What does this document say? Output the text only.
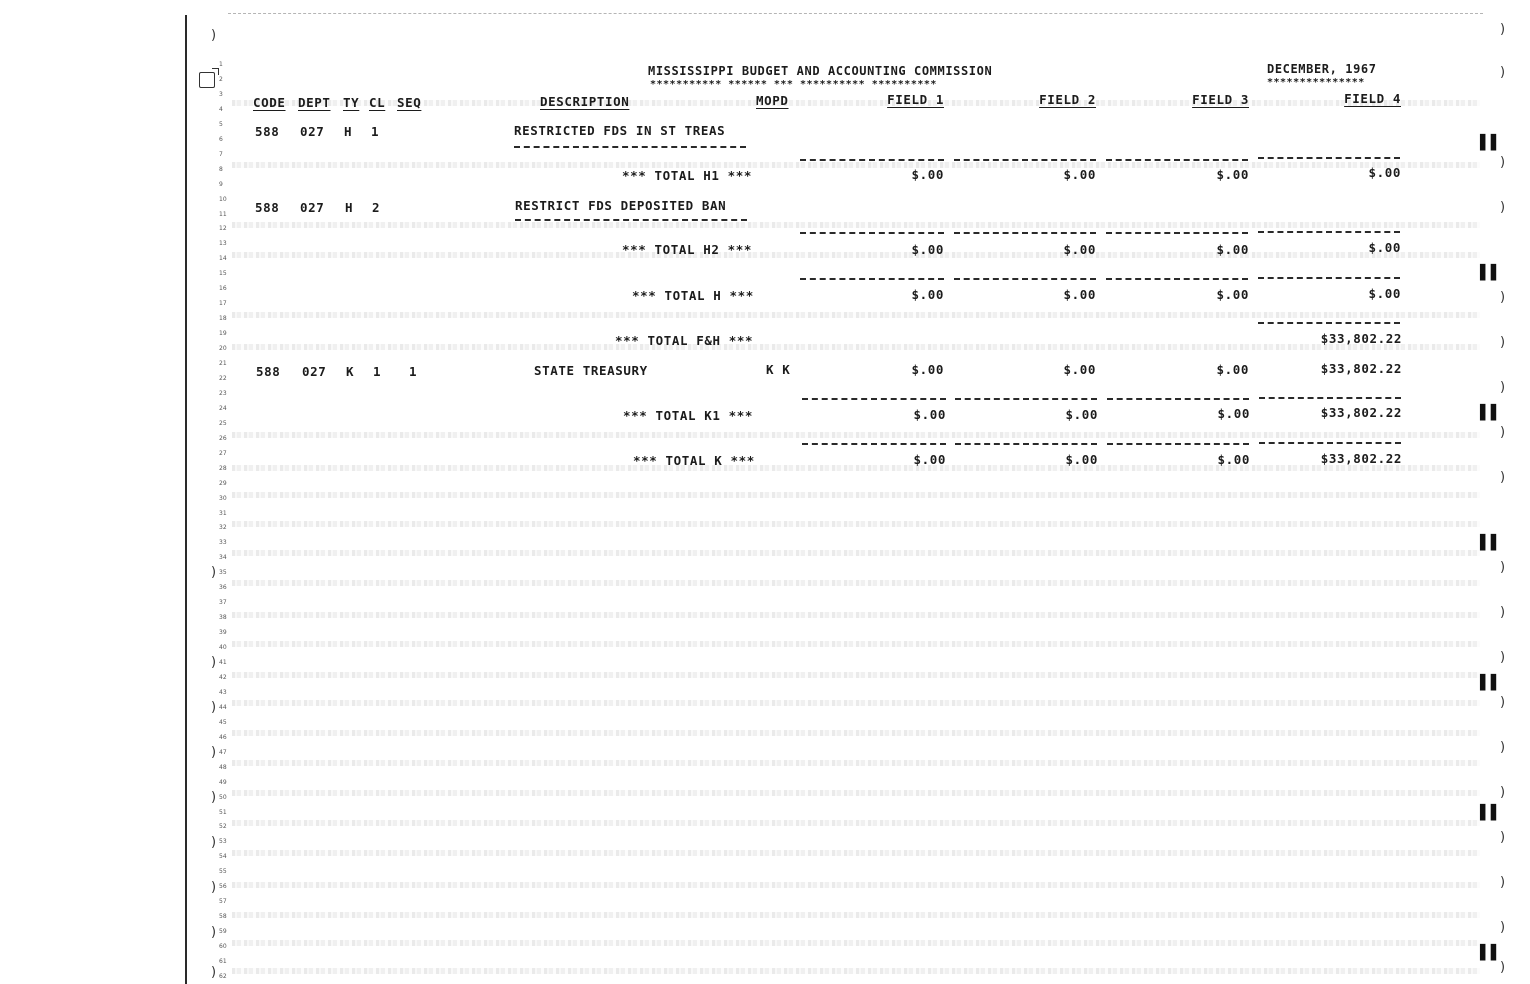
1
2
3
4
5
6
7
8
9
10
11
12
13
14
15
16
17
18
19
20
21
22
23
24
25
26
27
28
29
30
31
32
33
34
35
36
37
38
39
40
41
42
43
44
45
46
47
48
49
50
51
52
53
54
55
56
57
58
59
60
61
62
)
)
)
)
)
)
)
)
)
)
)
)
)
)
)
)
)
)
)
)
)
)
)
)
)
)
)
)
)
▌▌
▌▌
▌▌
▌▌
▌▌
▌▌
▌▌
MISSISSIPPI BUDGET AND ACCOUNTING COMMISSION
*********** ****** *** ********** **********
DECEMBER, 1967
***************
CODE DEPT TY CL SEQ	DESCRIPTION	MOPD	FIELD 1	FIELD 2	FIELD 3	FIELD 4
588 027 H 1	RESTRICTED FDS IN ST TREAS
*** TOTAL H1 ***	$.00	$.00	$.00	$.00
588 027 H 2	RESTRICT FDS DEPOSITED BAN
*** TOTAL H2 ***	$.00	$.00	$.00	$.00
*** TOTAL H ***	$.00	$.00	$.00	$.00
*** TOTAL F&H ***	$33,802.22
588 027 K 1 1	STATE TREASURY	K K	$.00	$.00	$.00	$33,802.22
*** TOTAL K1 ***	$.00	$.00	$.00	$33,802.22
*** TOTAL K ***	$.00	$.00	$.00	$33,802.22
